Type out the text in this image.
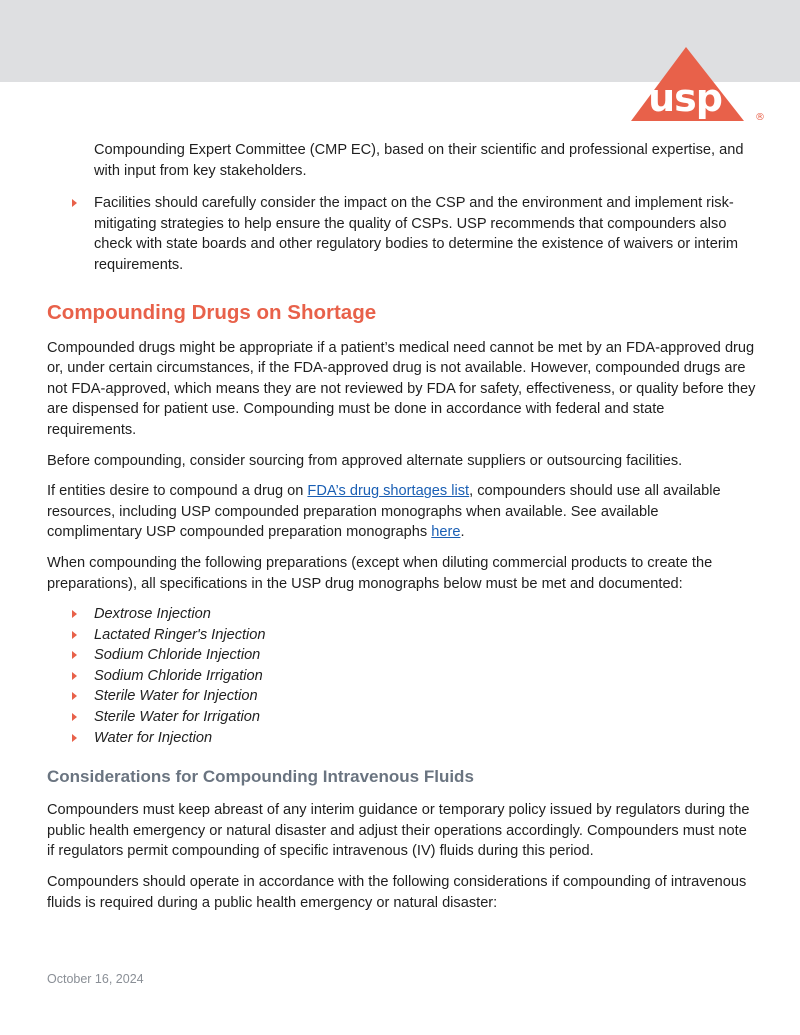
usp	®

Compounding Expert Committee (CMP EC), based on their scientific and professional expertise, and with input from key stakeholders.

Facilities should carefully consider the impact on the CSP and the environment and implement risk-mitigating strategies to help ensure the quality of CSPs. USP recommends that compounders also check with state boards and other regulatory bodies to determine the existence of waivers or interim requirements.
Compounding Drugs on Shortage

Compounded drugs might be appropriate if a patient’s medical need cannot be met by an FDA-approved drug or, under certain circumstances, if the FDA-approved drug is not available. However, compounded drugs are not FDA-approved, which means they are not reviewed by FDA for safety, effectiveness, or quality before they are dispensed for patient use. Compounding must be done in accordance with federal and state requirements.

Before compounding, consider sourcing from approved alternate suppliers or outsourcing facilities.

If entities desire to compound a drug on FDA’s drug shortages list, compounders should use all available resources, including USP compounded preparation monographs when available. See available complimentary USP compounded preparation monographs here.

When compounding the following preparations (except when diluting commercial products to create the preparations), all specifications in the USP drug monographs below must be met and documented:

Dextrose Injection
Lactated Ringer's Injection
Sodium Chloride Injection
Sodium Chloride Irrigation
Sterile Water for Injection
Sterile Water for Irrigation
Water for Injection
Considerations for Compounding Intravenous Fluids

Compounders must keep abreast of any interim guidance or temporary policy issued by regulators during the public health emergency or natural disaster and adjust their operations accordingly. Compounders must note if regulators permit compounding of specific intravenous (IV) fluids during this period.

Compounders should operate in accordance with the following considerations if compounding of intravenous fluids is required during a public health emergency or natural disaster:

October 16, 2024
